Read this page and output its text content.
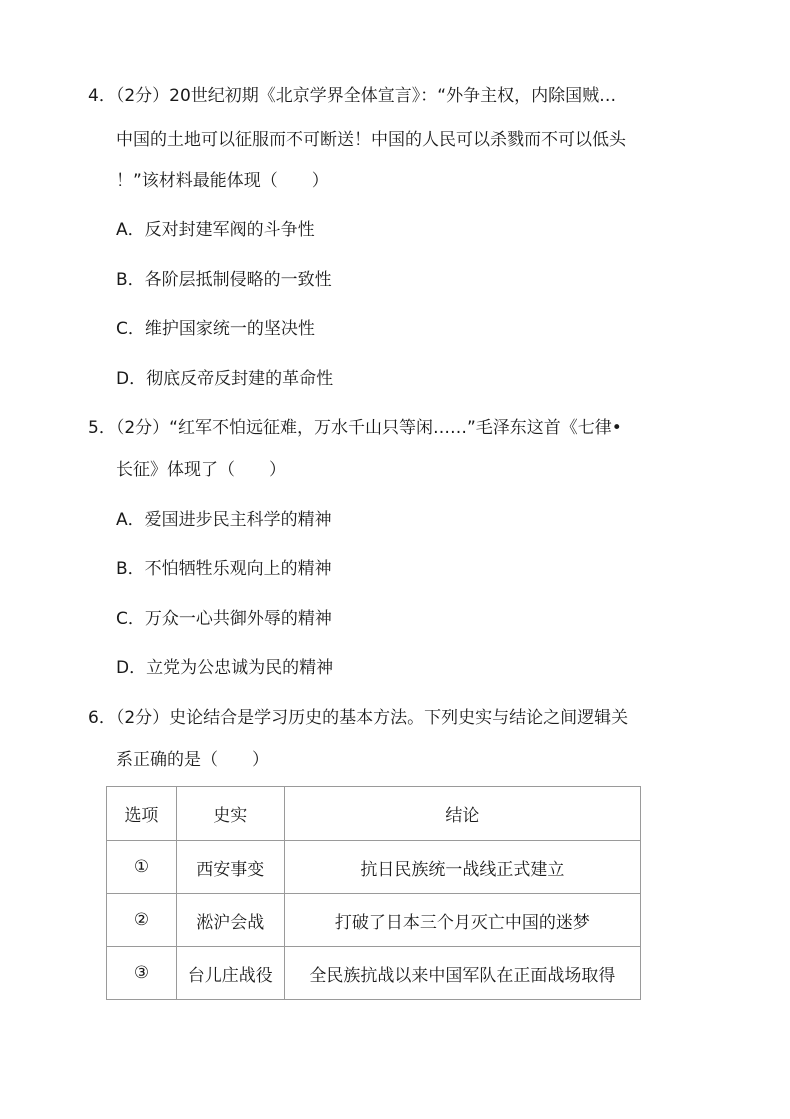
4．（2分）20世纪初期《北京学界全体宣言》：“外争主权，内除国贼…
中国的土地可以征服而不可断送！中国的人民可以杀戮而不可以低头
！”该材料最能体现（　　）
A．反对封建军阀的斗争性
B．各阶层抵制侵略的一致性
C．维护国家统一的坚决性
D．彻底反帝反封建的革命性
5．（2分）“红军不怕远征难，万水千山只等闲……”毛泽东这首《七律•
长征》体现了（　　）
A．爱国进步民主科学的精神
B．不怕牺牲乐观向上的精神
C．万众一心共御外辱的精神
D．立党为公忠诚为民的精神
6．（2分）史论结合是学习历史的基本方法。下列史实与结论之间逻辑关
系正确的是（　　）
选项	史实	结论
①	西安事变	抗日民族统一战线正式建立
②	淞沪会战	打破了日本三个月灭亡中国的迷梦
③	台儿庄战役	全民族抗战以来中国军队在正面战场取得
